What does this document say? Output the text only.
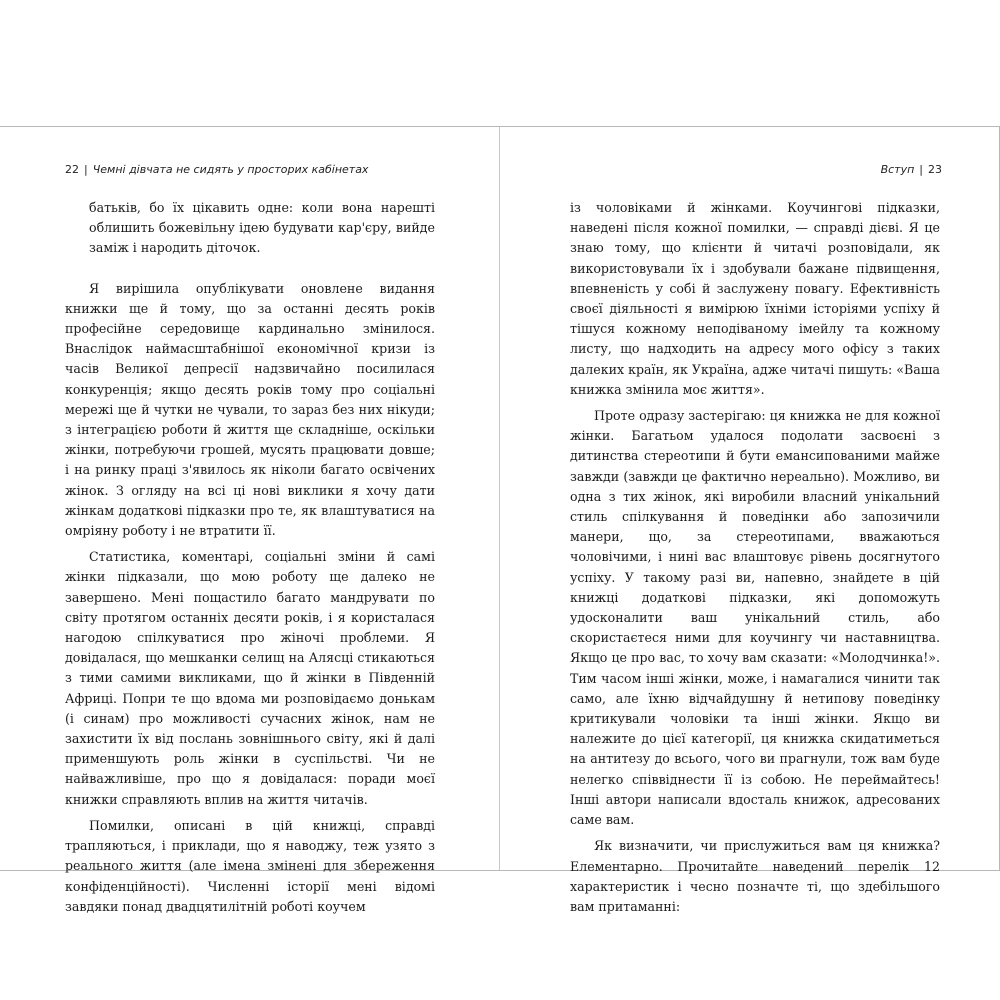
22 | Чемні дівчата не сидять у просторих кабінетах	Вступ | 23

батьків, бо їх цікавить одне: коли вона нарешті облишить божевільну ідею будувати кар'єру, вийде заміж і народить діточок.

Я вирішила опублікувати оновлене видання книжки ще й тому, що за останні десять років професійне середовище кардинально змінилося. Внаслідок наймасштабнішої економічної кризи із часів Великої депресії надзвичайно посилилася конкуренція; якщо десять років тому про соціальні мережі ще й чутки не чували, то зараз без них нікуди; з інтеграцією роботи й життя ще складніше, оскільки жінки, потребуючи грошей, мусять працювати довше; і на ринку праці з'явилось як ніколи багато освічених жінок. З огляду на всі ці нові виклики я хочу дати жінкам додаткові підказки про те, як влаштуватися на омріяну роботу і не втратити її.

Статистика, коментарі, соціальні зміни й самі жінки підказали, що мою роботу ще далеко не завершено. Мені пощастило багато мандрувати по світу протягом останніх десяти років, і я користалася нагодою спілкуватися про жіночі проблеми. Я довідалася, що мешканки селищ на Алясці стикаються з тими самими викликами, що й жінки в Південній Африці. Попри те що вдома ми розповідаємо донькам (і синам) про можливості сучасних жінок, нам не захистити їх від послань зовнішнього світу, які й далі применшують роль жінки в суспільстві. Чи не найважливіше, про що я довідалася: поради моєї книжки справляють вплив на життя читачів.

Помилки, описані в цій книжці, справді трапляються, і приклади, що я наводжу, теж узято з реального життя (але імена змінені для збереження конфіденційності). Численні історії мені відомі завдяки понад двадцятилітній роботі коучем

із чоловіками й жінками. Коучингові підказки, наведені після кожної помилки, — справді дієві. Я це знаю тому, що клієнти й читачі розповідали, як використовували їх і здобували бажане підвищення, впевненість у собі й заслужену повагу. Ефективність своєї діяльності я вимірюю їхніми історіями успіху й тішуся кожному неподіваному імейлу та кожному листу, що надходить на адресу мого офісу з таких далеких країн, як Україна, адже читачі пишуть: «Ваша книжка змінила моє життя».

Проте одразу застерігаю: ця книжка не для кожної жінки. Багатьом удалося подолати засвоєні з дитинства стереотипи й бути емансипованими майже завжди (завжди це фактично нереально). Можливо, ви одна з тих жінок, які виробили власний унікальний стиль спілкування й поведінки або запозичили манери, що, за стереотипами, вважаються чоловічими, і нині вас влаштовує рівень досягнутого успіху. У такому разі ви, напевно, знайдете в цій книжці додаткові підказки, які допоможуть удосконалити ваш унікальний стиль, або скористаєтеся ними для коучингу чи наставництва. Якщо це про вас, то хочу вам сказати: «Молодчинка!». Тим часом інші жінки, може, і намагалися чинити так само, але їхню відчайдушну й нетипову поведінку критикували чоловіки та інші жінки. Якщо ви належите до цієї категорії, ця книжка скидатиметься на антитезу до всього, чого ви прагнули, тож вам буде нелегко співвіднести її із собою. Не переймайтесь! Інші автори написали вдосталь книжок, адресованих саме вам.

Як визначити, чи прислужиться вам ця книжка? Елементарно. Прочитайте наведений перелік 12 характеристик і чесно позначте ті, що здебільшого вам притаманні:
